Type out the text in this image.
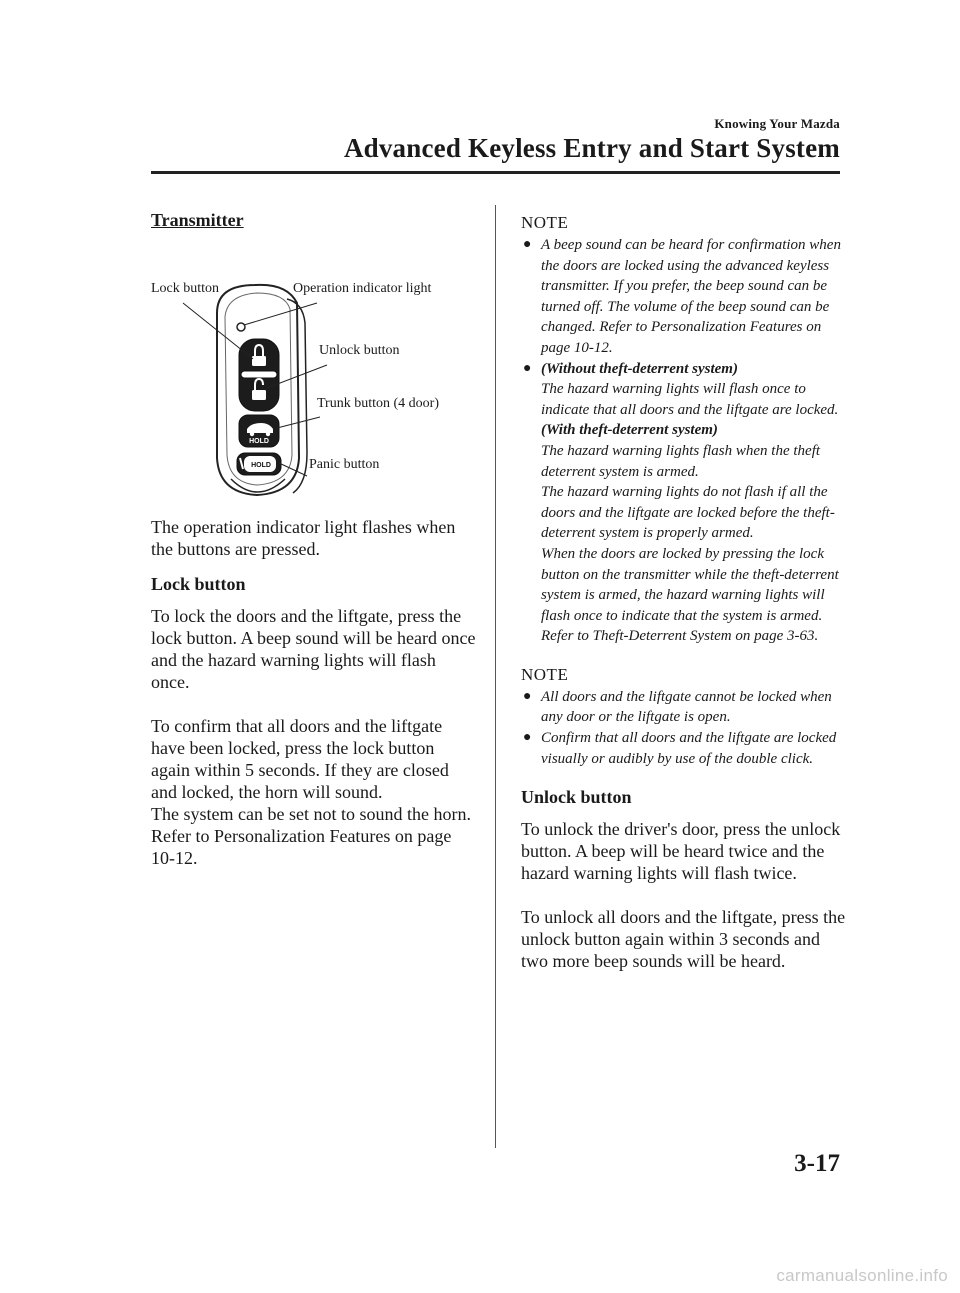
Knowing Your Mazda
Advanced Keyless Entry and Start System

Transmitter

HOLD
HOLD
Lock button	Operation indicator light
Unlock button
Trunk button (4 door)
Panic button

The operation indicator light flashes when the buttons are pressed.

Lock button

To lock the doors and the liftgate, press the lock button. A beep sound will be heard once and the hazard warning lights will flash once.

To confirm that all doors and the liftgate have been locked, press the lock button again within 5 seconds. If they are closed and locked, the horn will sound.

The system can be set not to sound the horn.

Refer to Personalization Features on page 10-12.

NOTE

● A beep sound can be heard for confirmation when the doors are locked using the advanced keyless transmitter. If you prefer, the beep sound can be turned off. The volume of the beep sound can be changed. Refer to Personalization Features on page 10-12.
● (Without theft-deterrent system)
The hazard warning lights will flash once to indicate that all doors and the liftgate are locked.
(With theft-deterrent system)
The hazard warning lights flash when the theft deterrent system is armed.
The hazard warning lights do not flash if all the doors and the liftgate are locked before the theft-deterrent system is properly armed.
When the doors are locked by pressing the lock button on the transmitter while the theft-deterrent system is armed, the hazard warning lights will flash once to indicate that the system is armed.
Refer to Theft-Deterrent System on page 3-63.

NOTE

● All doors and the liftgate cannot be locked when any door or the liftgate is open.
● Confirm that all doors and the liftgate are locked visually or audibly by use of the double click.

Unlock button

To unlock the driver's door, press the unlock button. A beep will be heard twice and the hazard warning lights will flash twice.

To unlock all doors and the liftgate, press the unlock button again within 3 seconds and two more beep sounds will be heard.

3-17
carmanualsonline.info
